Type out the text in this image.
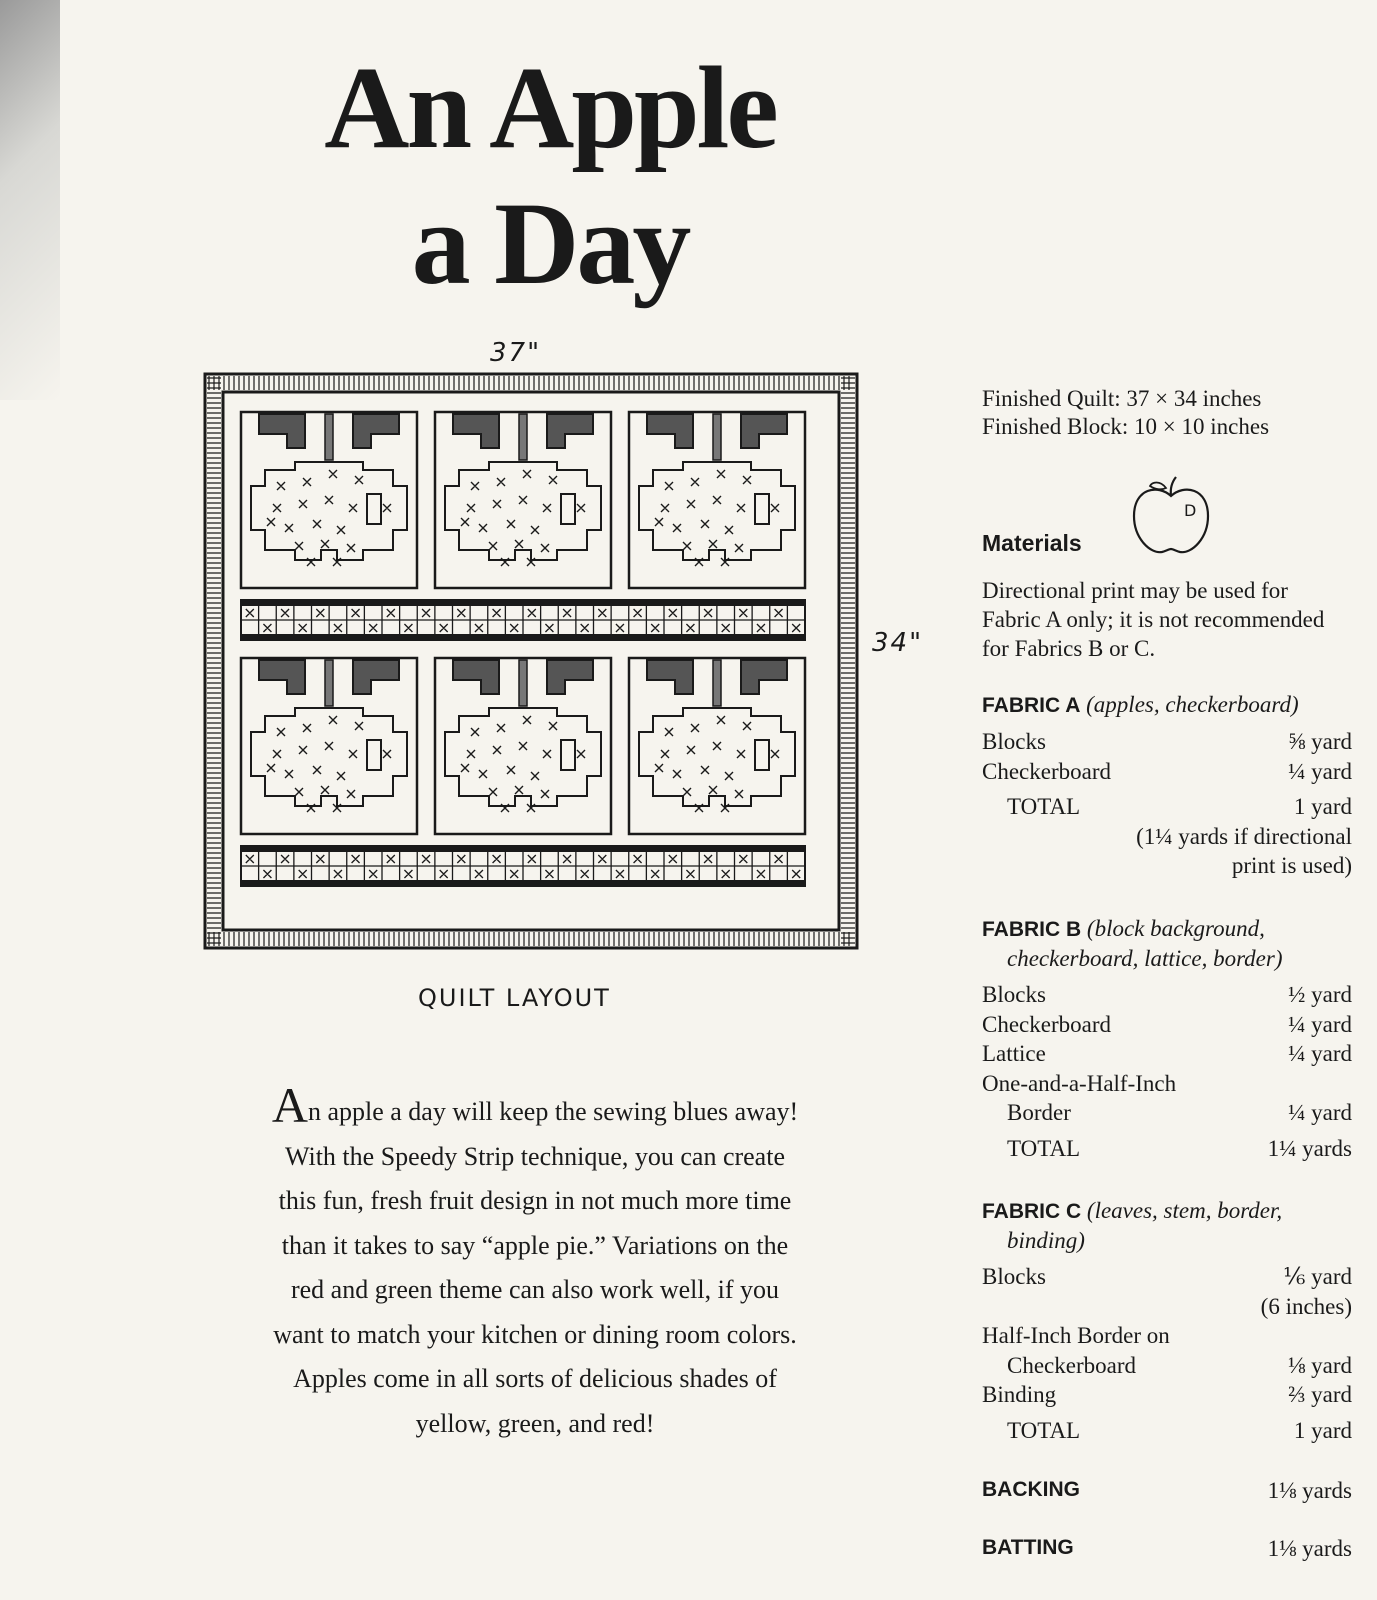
An Apple
a Day
37"
34"
QUILT LAYOUT
An apple a day will keep the sewing blues away! With the Speedy Strip technique, you can create this fun, fresh fruit design in not much more time than it takes to say “apple pie.” Variations on the red and green theme can also work well, if you want to match your kitchen or dining room colors. Apples come in all sorts of delicious shades of yellow, green, and red!
Finished Quilt: 37 × 34 inches
Finished Block: 10 × 10 inches
D
Materials
Directional print may be used for Fabric A only; it is not recommended for Fabrics B or C.
FABRIC A (apples, checkerboard)
Blocks	⅝ yard
Checkerboard	¼ yard
TOTAL	1 yard
(1¼ yards if directional
print is used)
FABRIC B (block background,
checkerboard, lattice, border)
Blocks	½ yard
Checkerboard	¼ yard
Lattice	¼ yard
One-and-a-Half-Inch
Border	¼ yard
TOTAL	1¼ yards
FABRIC C (leaves, stem, border,
binding)
Blocks	⅙ yard
(6 inches)
Half-Inch Border on
Checkerboard	⅛ yard
Binding	⅔ yard
TOTAL	1 yard
BACKING	1⅛ yards
BATTING	1⅛ yards
